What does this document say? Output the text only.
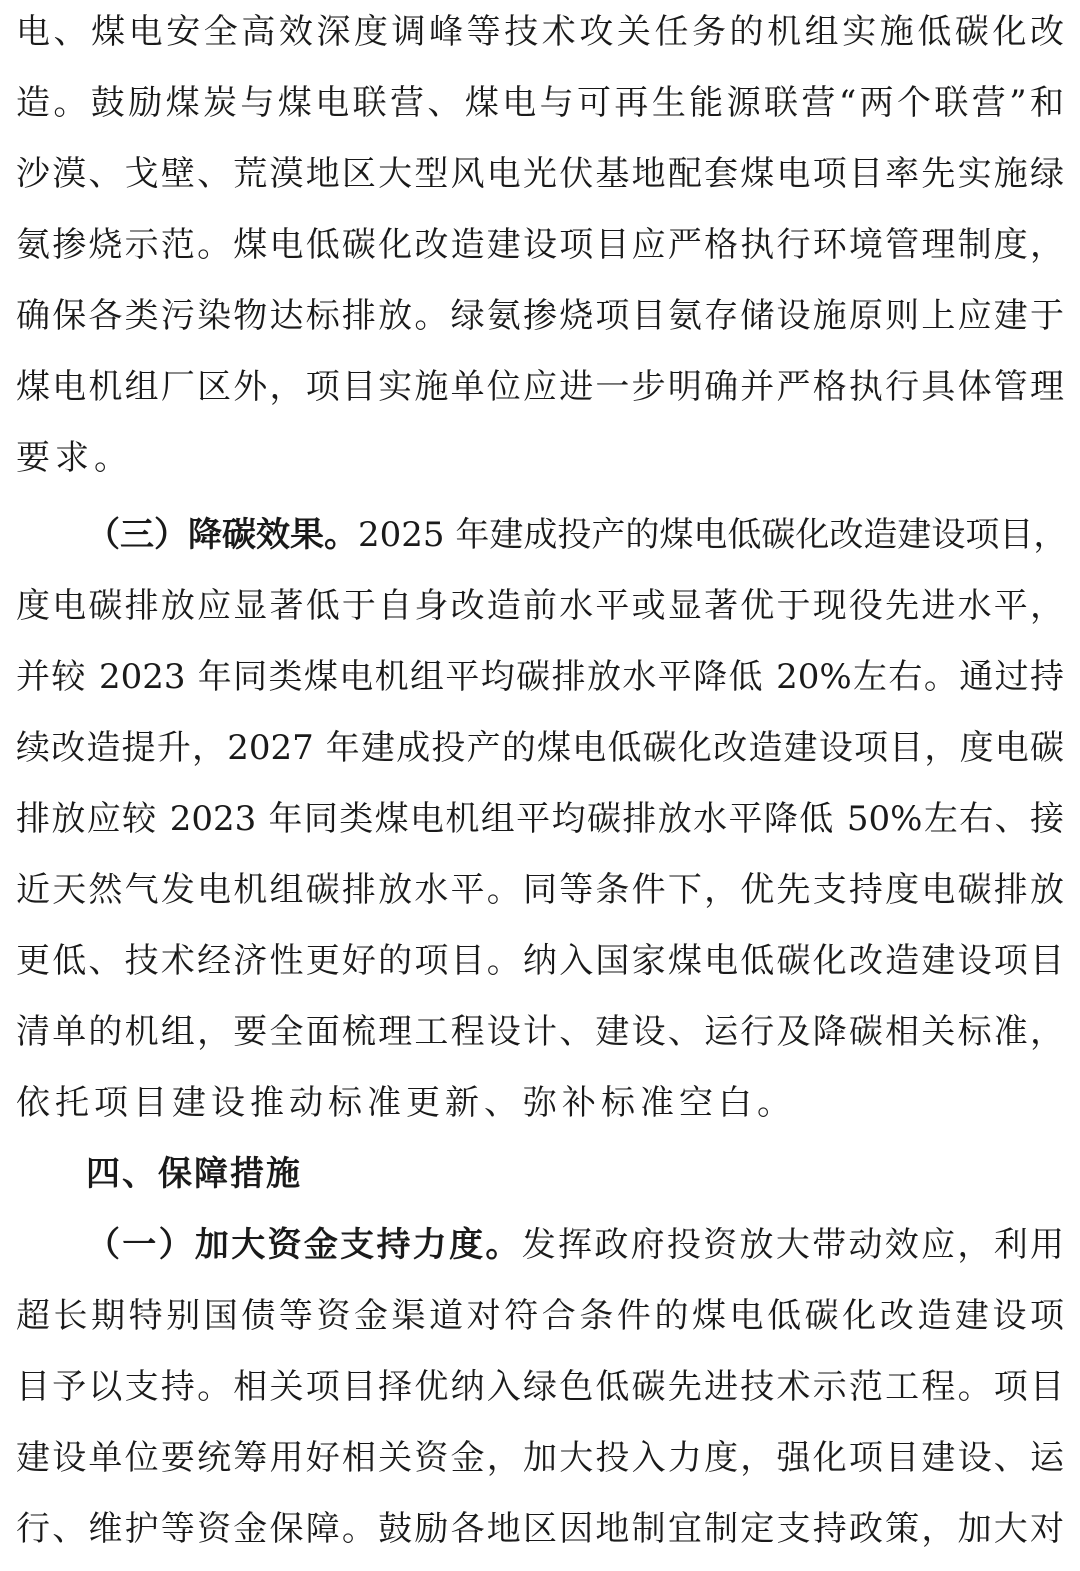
电、煤电安全高效深度调峰等技术攻关任务的机组实施低碳化改
造。鼓励煤炭与煤电联营、煤电与可再生能源联营“两个联营”和
沙漠、戈壁、荒漠地区大型风电光伏基地配套煤电项目率先实施绿
氨掺烧示范。煤电低碳化改造建设项目应严格执行环境管理制度，
确保各类污染物达标排放。绿氨掺烧项目氨存储设施原则上应建于
煤电机组厂区外，项目实施单位应进一步明确并严格执行具体管理
要求。
（三）降碳效果。2025 年建成投产的煤电低碳化改造建设项目，
度电碳排放应显著低于自身改造前水平或显著优于现役先进水平，
并较 2023 年同类煤电机组平均碳排放水平降低 20%左右。通过持
续改造提升，2027 年建成投产的煤电低碳化改造建设项目，度电碳
排放应较 2023 年同类煤电机组平均碳排放水平降低 50%左右、接
近天然气发电机组碳排放水平。同等条件下，优先支持度电碳排放
更低、技术经济性更好的项目。纳入国家煤电低碳化改造建设项目
清单的机组，要全面梳理工程设计、建设、运行及降碳相关标准，
依托项目建设推动标准更新、弥补标准空白。
四、保障措施
（一）加大资金支持力度。发挥政府投资放大带动效应，利用
超长期特别国债等资金渠道对符合条件的煤电低碳化改造建设项
目予以支持。相关项目择优纳入绿色低碳先进技术示范工程。项目
建设单位要统筹用好相关资金，加大投入力度，强化项目建设、运
行、维护等资金保障。鼓励各地区因地制宜制定支持政策，加大对
